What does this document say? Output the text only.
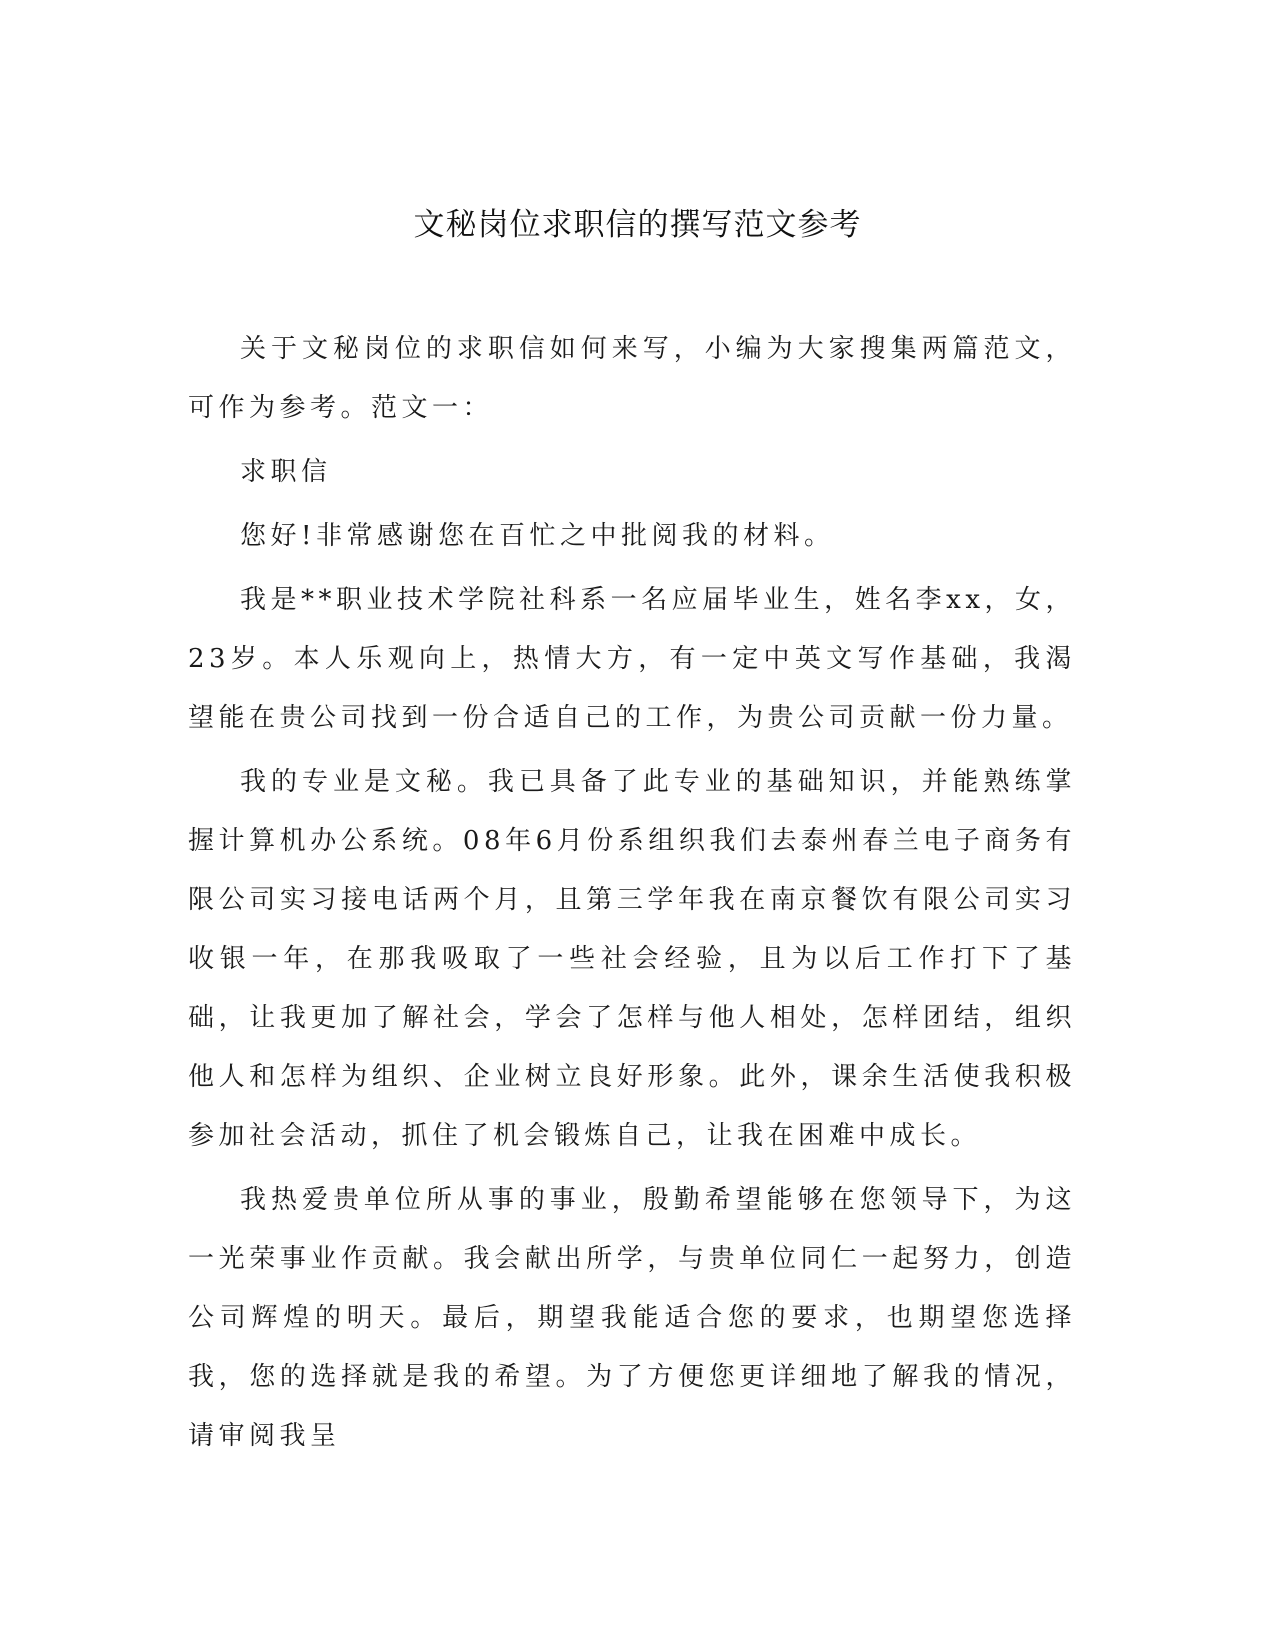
文秘岗位求职信的撰写范文参考

关于文秘岗位的求职信如何来写，小编为大家搜集两篇范文，可作为参考。范文一：

求职信

您好!非常感谢您在百忙之中批阅我的材料。

我是**职业技术学院社科系一名应届毕业生，姓名李xx，女，23岁。本人乐观向上，热情大方，有一定中英文写作基础，我渴望能在贵公司找到一份合适自己的工作，为贵公司贡献一份力量。

我的专业是文秘。我已具备了此专业的基础知识，并能熟练掌握计算机办公系统。08年6月份系组织我们去泰州春兰电子商务有限公司实习接电话两个月，且第三学年我在南京餐饮有限公司实习收银一年，在那我吸取了一些社会经验，且为以后工作打下了基础，让我更加了解社会，学会了怎样与他人相处，怎样团结，组织他人和怎样为组织、企业树立良好形象。此外，课余生活使我积极参加社会活动，抓住了机会锻炼自己，让我在困难中成长。

我热爱贵单位所从事的事业，殷勤希望能够在您领导下，为这一光荣事业作贡献。我会献出所学，与贵单位同仁一起努力，创造公司辉煌的明天。最后，期望我能适合您的要求，也期望您选择我，您的选择就是我的希望。为了方便您更详细地了解我的情况，请审阅我呈
